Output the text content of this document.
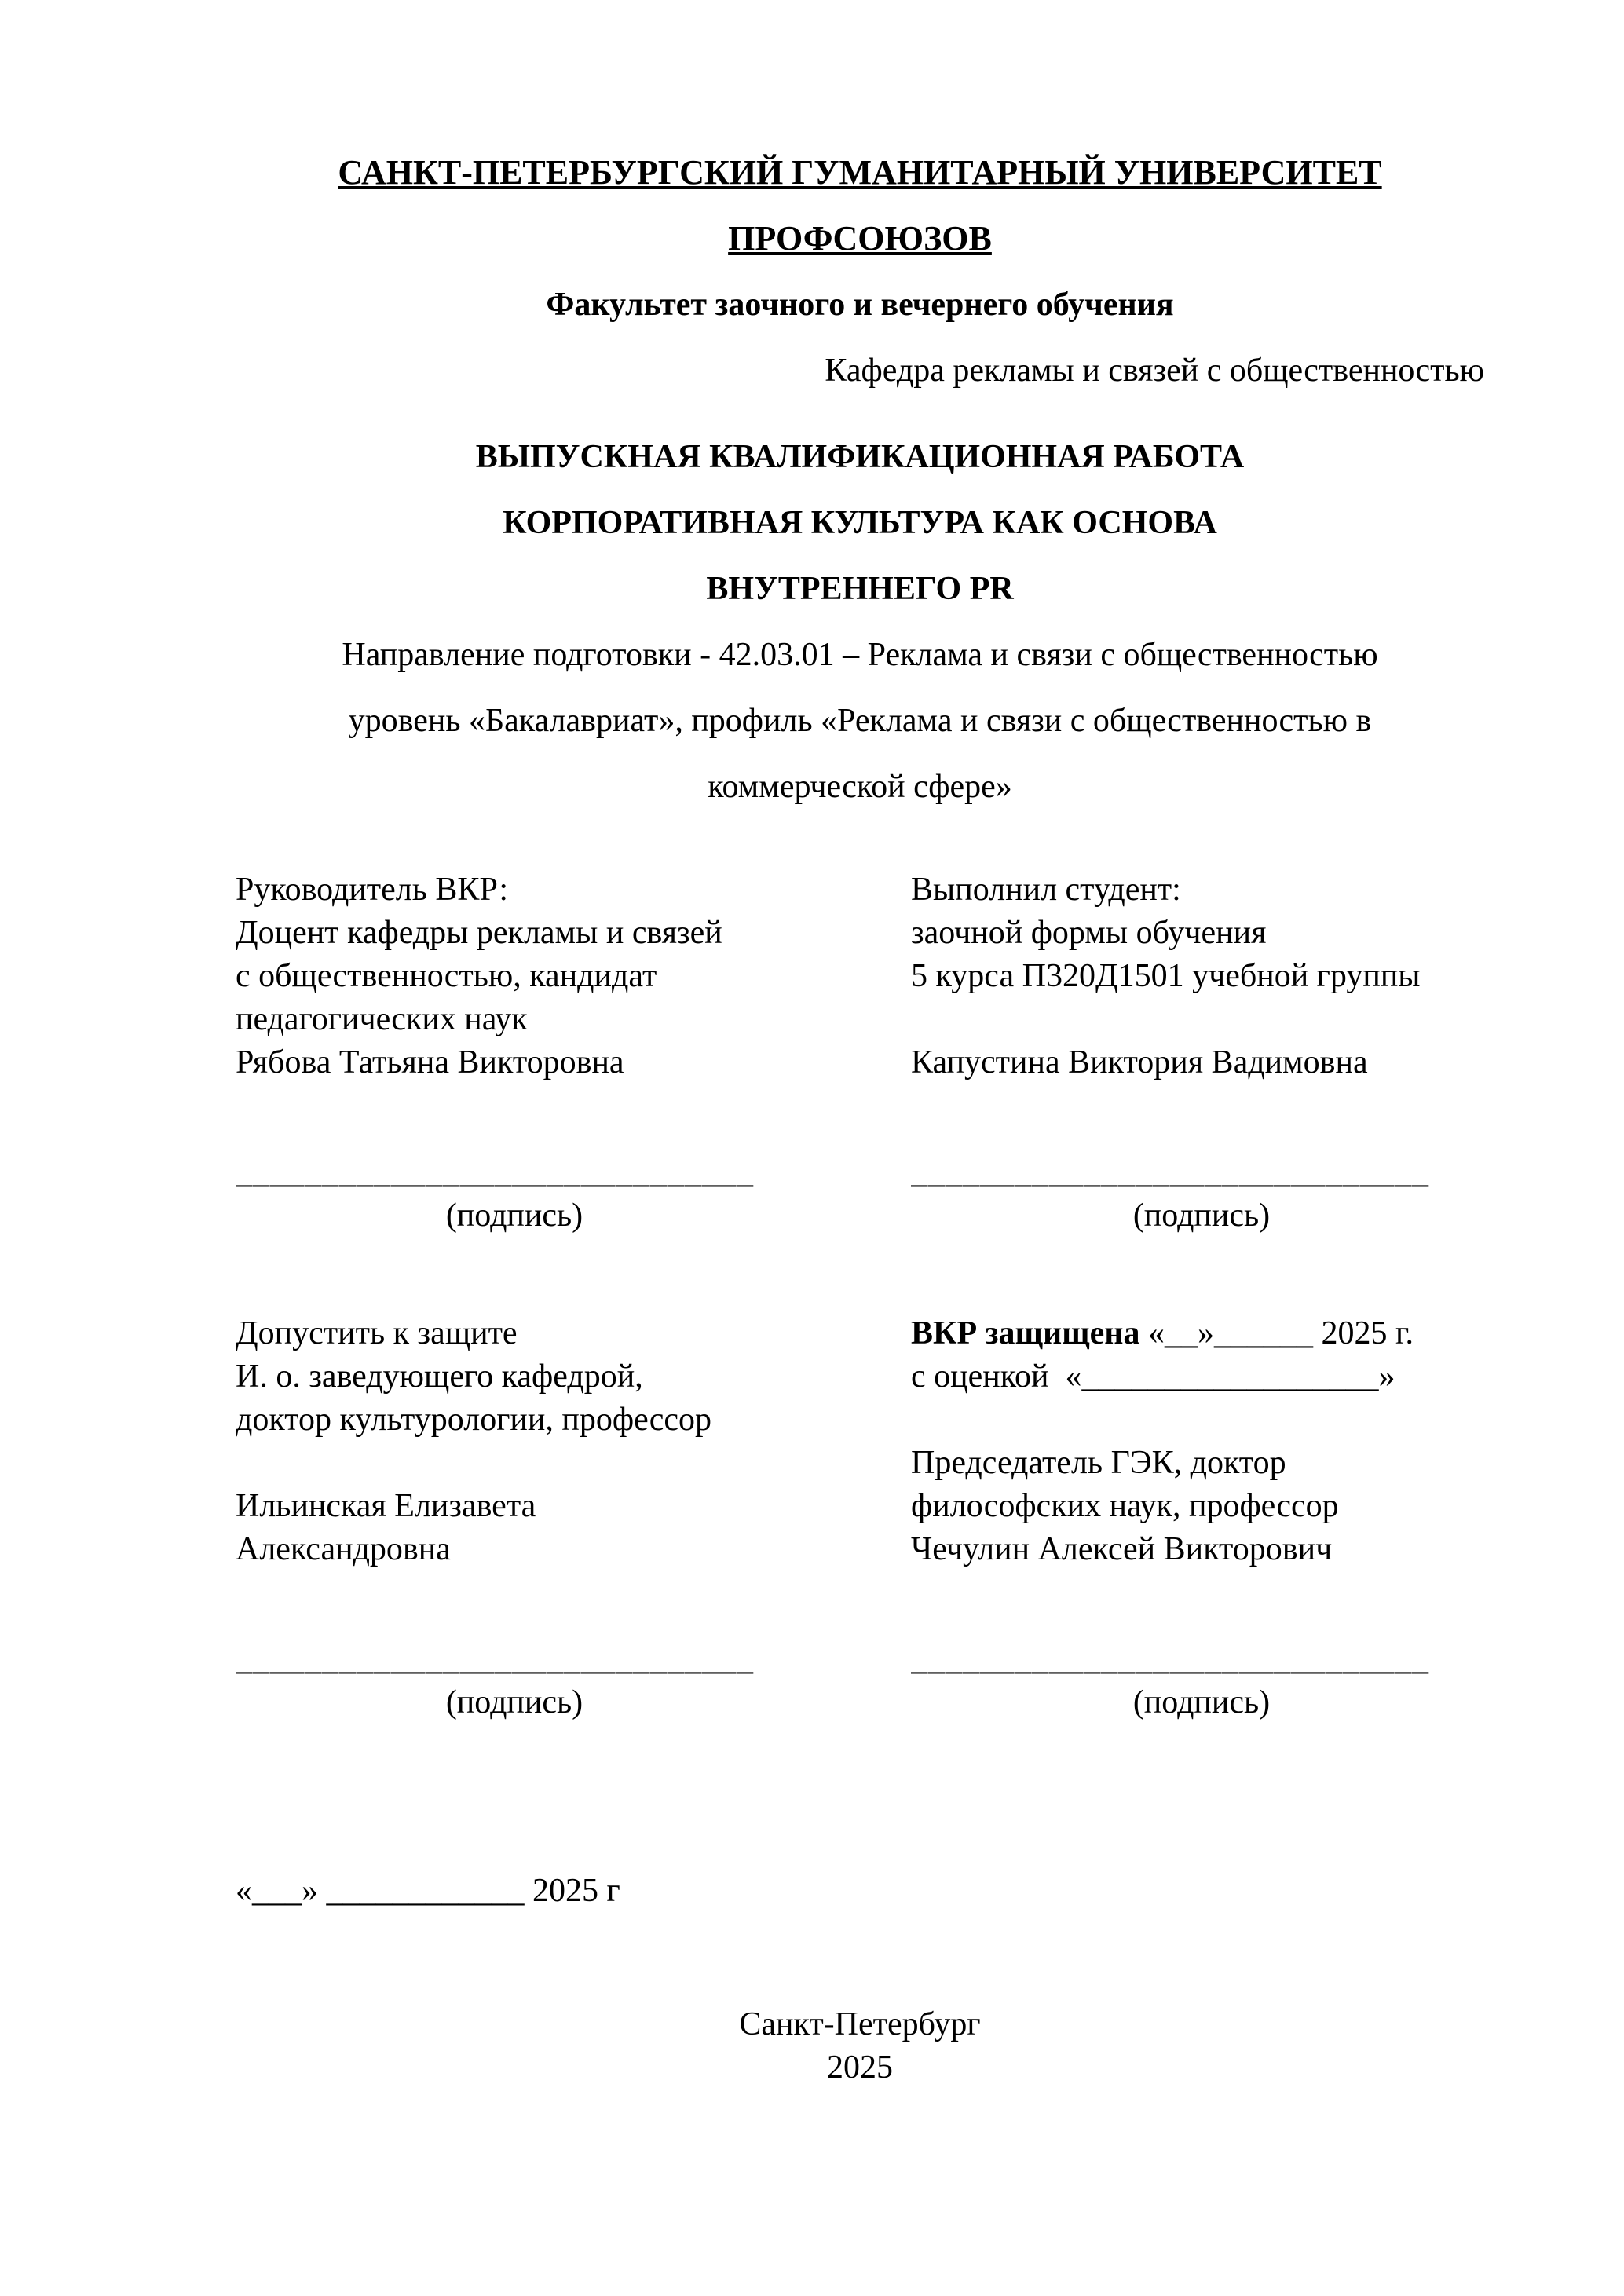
САНКТ-ПЕТЕРБУРГСКИЙ ГУМАНИТАРНЫЙ УНИВЕРСИТЕТ
ПРОФСОЮЗОВ
Факультет заочного и вечернего обучения
Кафедра рекламы и связей с общественностью
ВЫПУСКНАЯ КВАЛИФИКАЦИОННАЯ РАБОТА
КОРПОРАТИВНАЯ КУЛЬТУРА КАК ОСНОВА
ВНУТРЕННЕГО PR
Направление подготовки - 42.03.01 – Реклама и связи с общественностью
уровень «Бакалавриат», профиль «Реклама и связи с общественностью в
коммерческой сфере»
Руководитель ВКР:
Доцент кафедры рекламы и связей
с общественностью, кандидат
педагогических наук
Рябова Татьяна Викторовна
______________________________
(подпись)
Допустить к защите
И. о. заведующего кафедрой,
доктор культурологии, профессор
Ильинская Елизавета
Александровна
______________________________
(подпись)
Выполнил студент:
заочной формы обучения
5 курса П320Д1501 учебной группы
Капустина Виктория Вадимовна
______________________________
(подпись)
ВКР защищена «__»______ 2025 г.
с оценкой  «__________________»
Председатель ГЭК, доктор
философских наук, профессор
Чечулин Алексей Викторович
______________________________
(подпись)
«___» ____________ 2025 г
Санкт-Петербург
2025
